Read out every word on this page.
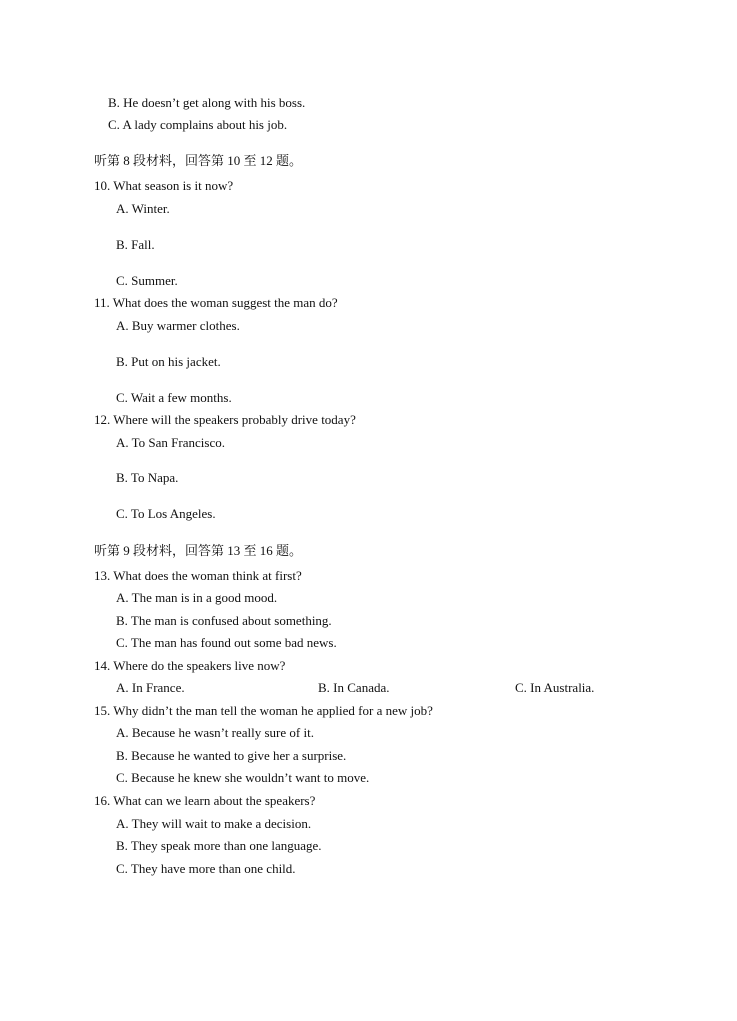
B. He doesn’t get along with his boss.
C. A lady complains about his job.
听第 8 段材料，回答第 10 至 12 题。
10. What season is it now?
A. Winter.
B. Fall.
C. Summer.
11. What does the woman suggest the man do?
A. Buy warmer clothes.
B. Put on his jacket.
C. Wait a few months.
12. Where will the speakers probably drive today?
A. To San Francisco.
B. To Napa.
C. To Los Angeles.
听第 9 段材料，回答第 13 至 16 题。
13. What does the woman think at first?
A. The man is in a good mood.
B. The man is confused about something.
C. The man has found out some bad news.
14. Where do the speakers live now?
A. In France.	B. In Canada.	C. In Australia.
15. Why didn’t the man tell the woman he applied for a new job?
A. Because he wasn’t really sure of it.
B. Because he wanted to give her a surprise.
C. Because he knew she wouldn’t want to move.
16. What can we learn about the speakers?
A. They will wait to make a decision.
B. They speak more than one language.
C. They have more than one child.
